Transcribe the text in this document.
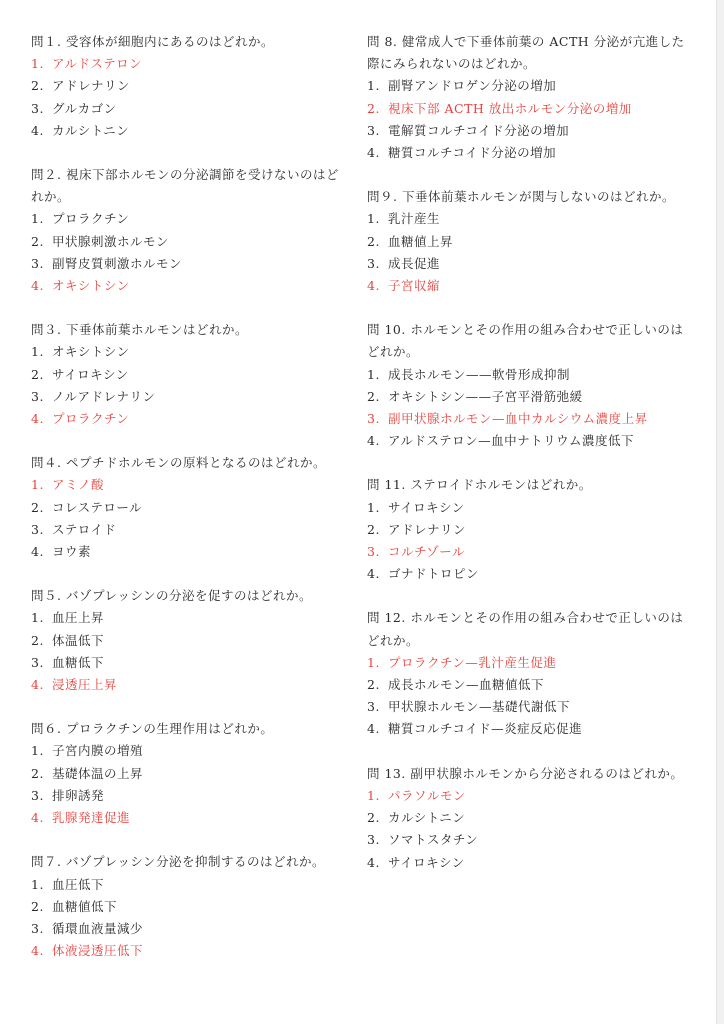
問１. 受容体が細胞内にあるのはどれか。
1. アルドステロン
2. アドレナリン
3. グルカゴン
4. カルシトニン
問２. 視床下部ホルモンの分泌調節を受けないのはどれか。
1. プロラクチン
2. 甲状腺刺激ホルモン
3. 副腎皮質刺激ホルモン
4. オキシトシン
問３. 下垂体前葉ホルモンはどれか。
1. オキシトシン
2. サイロキシン
3. ノルアドレナリン
4. プロラクチン
問４. ペプチドホルモンの原料となるのはどれか。
1. アミノ酸
2. コレステロール
3. ステロイド
4. ヨウ素
問５. バゾプレッシンの分泌を促すのはどれか。
1. 血圧上昇
2. 体温低下
3. 血糖低下
4. 浸透圧上昇
問６. プロラクチンの生理作用はどれか。
1. 子宮内膜の増殖
2. 基礎体温の上昇
3. 排卵誘発
4. 乳腺発達促進
問７. バゾプレッシン分泌を抑制するのはどれか。
1. 血圧低下
2. 血糖値低下
3. 循環血液量減少
4. 体液浸透圧低下
問 8. 健常成人で下垂体前葉の ACTH 分泌が亢進した際にみられないのはどれか。
1. 副腎アンドロゲン分泌の増加
2. 視床下部 ACTH 放出ホルモン分泌の増加
3. 電解質コルチコイド分泌の増加
4. 糖質コルチコイド分泌の増加
問９. 下垂体前葉ホルモンが関与しないのはどれか。
1. 乳汁産生
2. 血糖値上昇
3. 成長促進
4. 子宮収縮
問 10. ホルモンとその作用の組み合わせで正しいのはどれか。
1. 成長ホルモン——軟骨形成抑制
2. オキシトシン——子宮平滑筋弛緩
3. 副甲状腺ホルモン—血中カルシウム濃度上昇
4. アルドステロン—血中ナトリウム濃度低下
問 11. ステロイドホルモンはどれか。
1. サイロキシン
2. アドレナリン
3. コルチゾール
4. ゴナドトロピン
問 12. ホルモンとその作用の組み合わせで正しいのはどれか。
1. プロラクチン—乳汁産生促進
2. 成長ホルモン—血糖値低下
3. 甲状腺ホルモン—基礎代謝低下
4. 糖質コルチコイド—炎症反応促進
問 13. 副甲状腺ホルモンから分泌されるのはどれか。
1. パラソルモン
2. カルシトニン
3. ソマトスタチン
4. サイロキシン
